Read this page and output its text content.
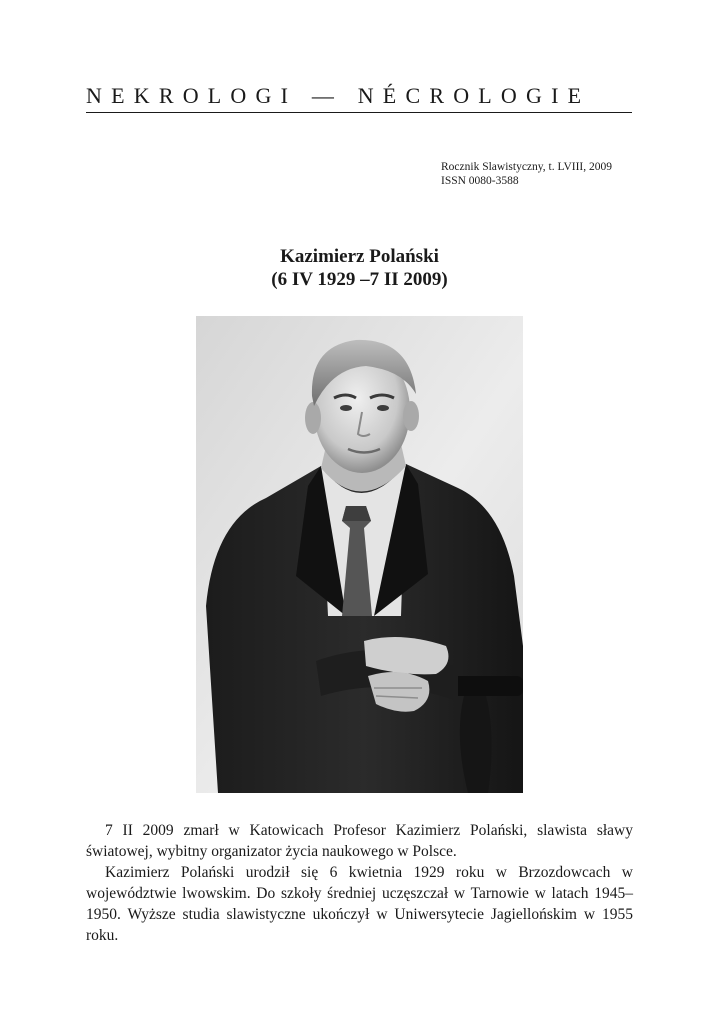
NEKROLOGI — NÉCROLOGIE
Rocznik Slawistyczny, t. LVIII, 2009
ISSN 0080-3588
Kazimierz Polański
(6 IV 1929 –7 II 2009)

7 II 2009 zmarł w Katowicach Profesor Kazimierz Polański, slawista sławy światowej, wybitny organizator życia naukowego w Polsce.

Kazimierz Polański urodził się 6 kwietnia 1929 roku w Brzozdowcach w województwie lwowskim. Do szkoły średniej uczęszczał w Tarnowie w latach 1945–1950. Wyższe studia slawistyczne ukończył w Uniwersytecie Jagiellońskim w 1955 roku.
